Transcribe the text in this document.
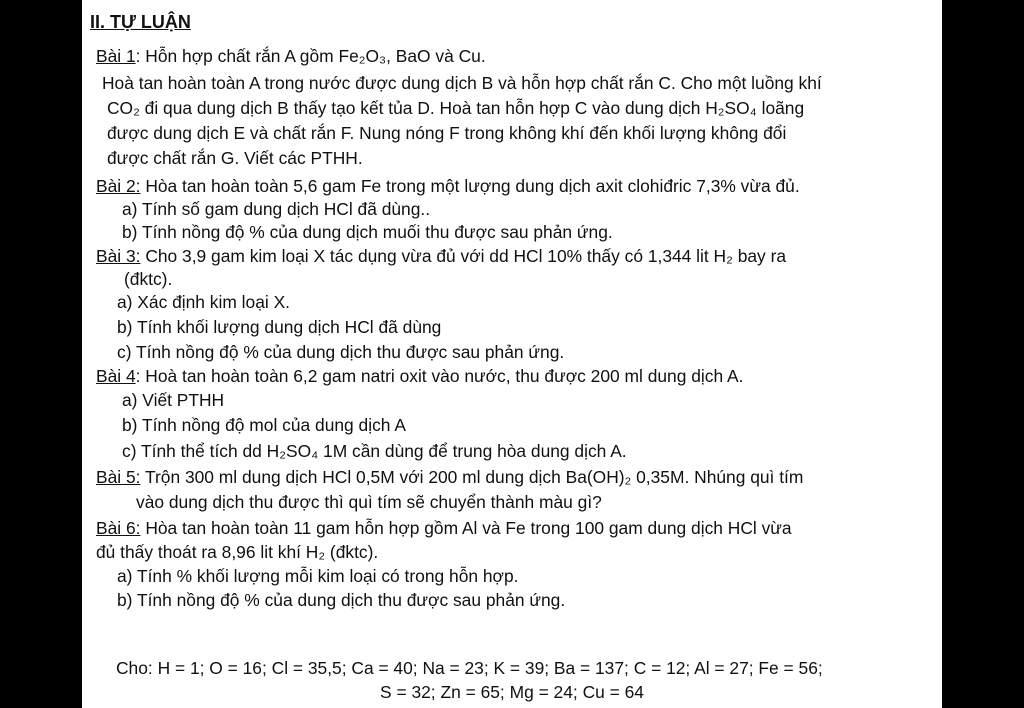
II. TỰ LUẬN
Bài 1: Hỗn hợp chất rắn A gồm Fe₂O₃, BaO và Cu.
Hoà tan hoàn toàn A trong nước được dung dịch B và hỗn hợp chất rắn C. Cho một luồng khí
CO₂ đi qua dung dịch B thấy tạo kết tủa D. Hoà tan hỗn hợp C vào dung dịch H₂SO₄ loãng
được dung dịch E và chất rắn F. Nung nóng F trong không khí đến khối lượng không đổi
được chất rắn G. Viết các PTHH.
Bài 2: Hòa tan hoàn toàn 5,6 gam Fe trong một lượng dung dịch axit clohiđric 7,3% vừa đủ.
a) Tính số gam dung dịch HCl đã dùng..
b) Tính nồng độ % của dung dịch muối thu được sau phản ứng.
Bài 3: Cho 3,9 gam kim loại X tác dụng vừa đủ với dd HCl 10% thấy có 1,344 lit H₂ bay ra
(đktc).
a) Xác định kim loại X.
b) Tính khối lượng dung dịch HCl đã dùng
c) Tính nồng độ % của dung dịch thu được sau phản ứng.
Bài 4: Hoà tan hoàn toàn 6,2 gam natri oxit vào nước, thu được 200 ml dung dịch A.
a) Viết PTHH
b) Tính nồng độ mol của dung dịch A
c) Tính thể tích dd H₂SO₄ 1M cần dùng để trung hòa dung dịch A.
Bài 5: Trộn 300 ml dung dịch HCl 0,5M với 200 ml dung dịch Ba(OH)₂ 0,35M. Nhúng quì tím
vào dung dịch thu được thì quì tím sẽ chuyển thành màu gì?
Bài 6: Hòa tan hoàn toàn 11 gam hỗn hợp gồm Al và Fe trong 100 gam dung dịch HCl vừa
đủ thấy thoát ra 8,96 lit khí H₂ (đktc).
a) Tính % khối lượng mỗi kim loại có trong hỗn hợp.
b) Tính nồng độ % của dung dịch thu được sau phản ứng.
Cho: H = 1; O = 16; Cl = 35,5; Ca = 40; Na = 23; K = 39; Ba = 137; C = 12; Al = 27; Fe = 56;
S = 32; Zn = 65; Mg = 24; Cu = 64
